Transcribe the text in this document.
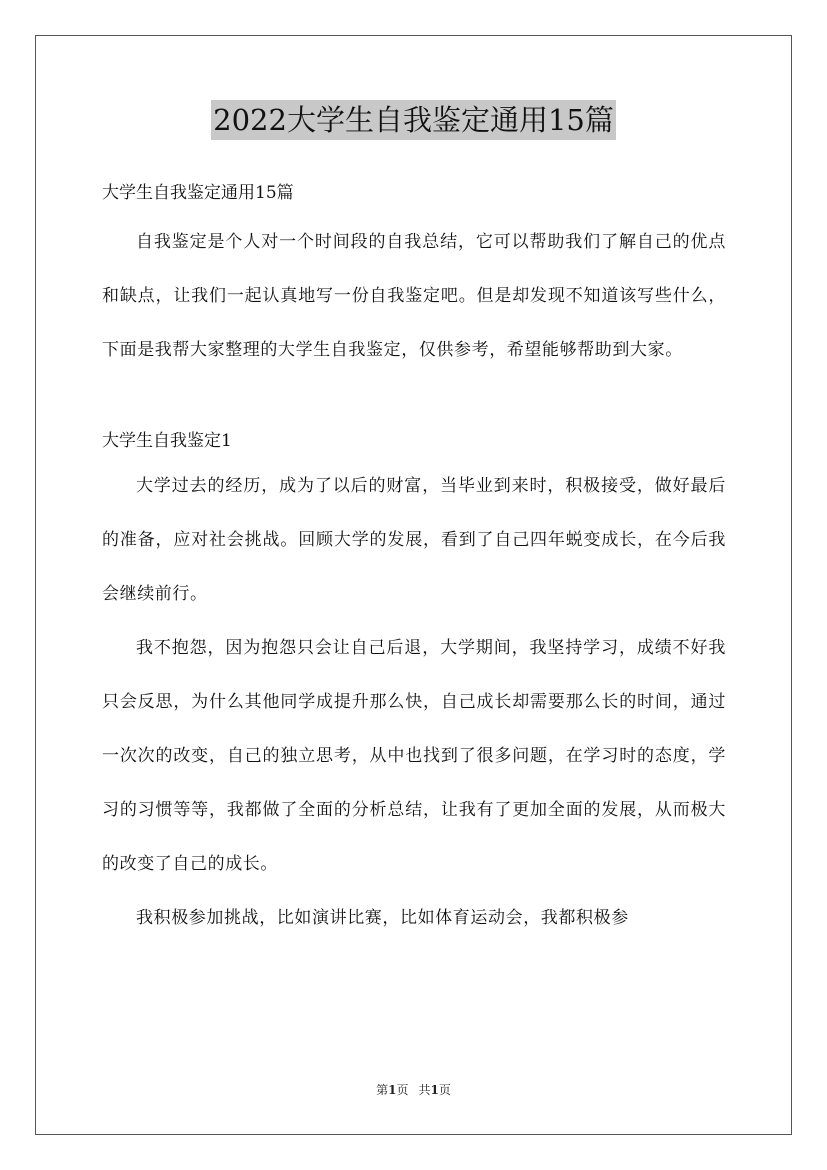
2022大学生自我鉴定通用15篇

大学生自我鉴定通用15篇

自我鉴定是个人对一个时间段的自我总结，它可以帮助我们了解自己的优点和缺点，让我们一起认真地写一份自我鉴定吧。但是却发现不知道该写些什么，下面是我帮大家整理的大学生自我鉴定，仅供参考，希望能够帮助到大家。

大学生自我鉴定1

大学过去的经历，成为了以后的财富，当毕业到来时，积极接受，做好最后的准备，应对社会挑战。回顾大学的发展，看到了自己四年蜕变成长，在今后我会继续前行。

我不抱怨，因为抱怨只会让自己后退，大学期间，我坚持学习，成绩不好我只会反思，为什么其他同学成提升那么快，自己成长却需要那么长的时间，通过一次次的改变，自己的独立思考，从中也找到了很多问题，在学习时的态度，学习的习惯等等，我都做了全面的分析总结，让我有了更加全面的发展，从而极大的改变了自己的成长。

我积极参加挑战，比如演讲比赛，比如体育运动会，我都积极参

第1页 共1页
